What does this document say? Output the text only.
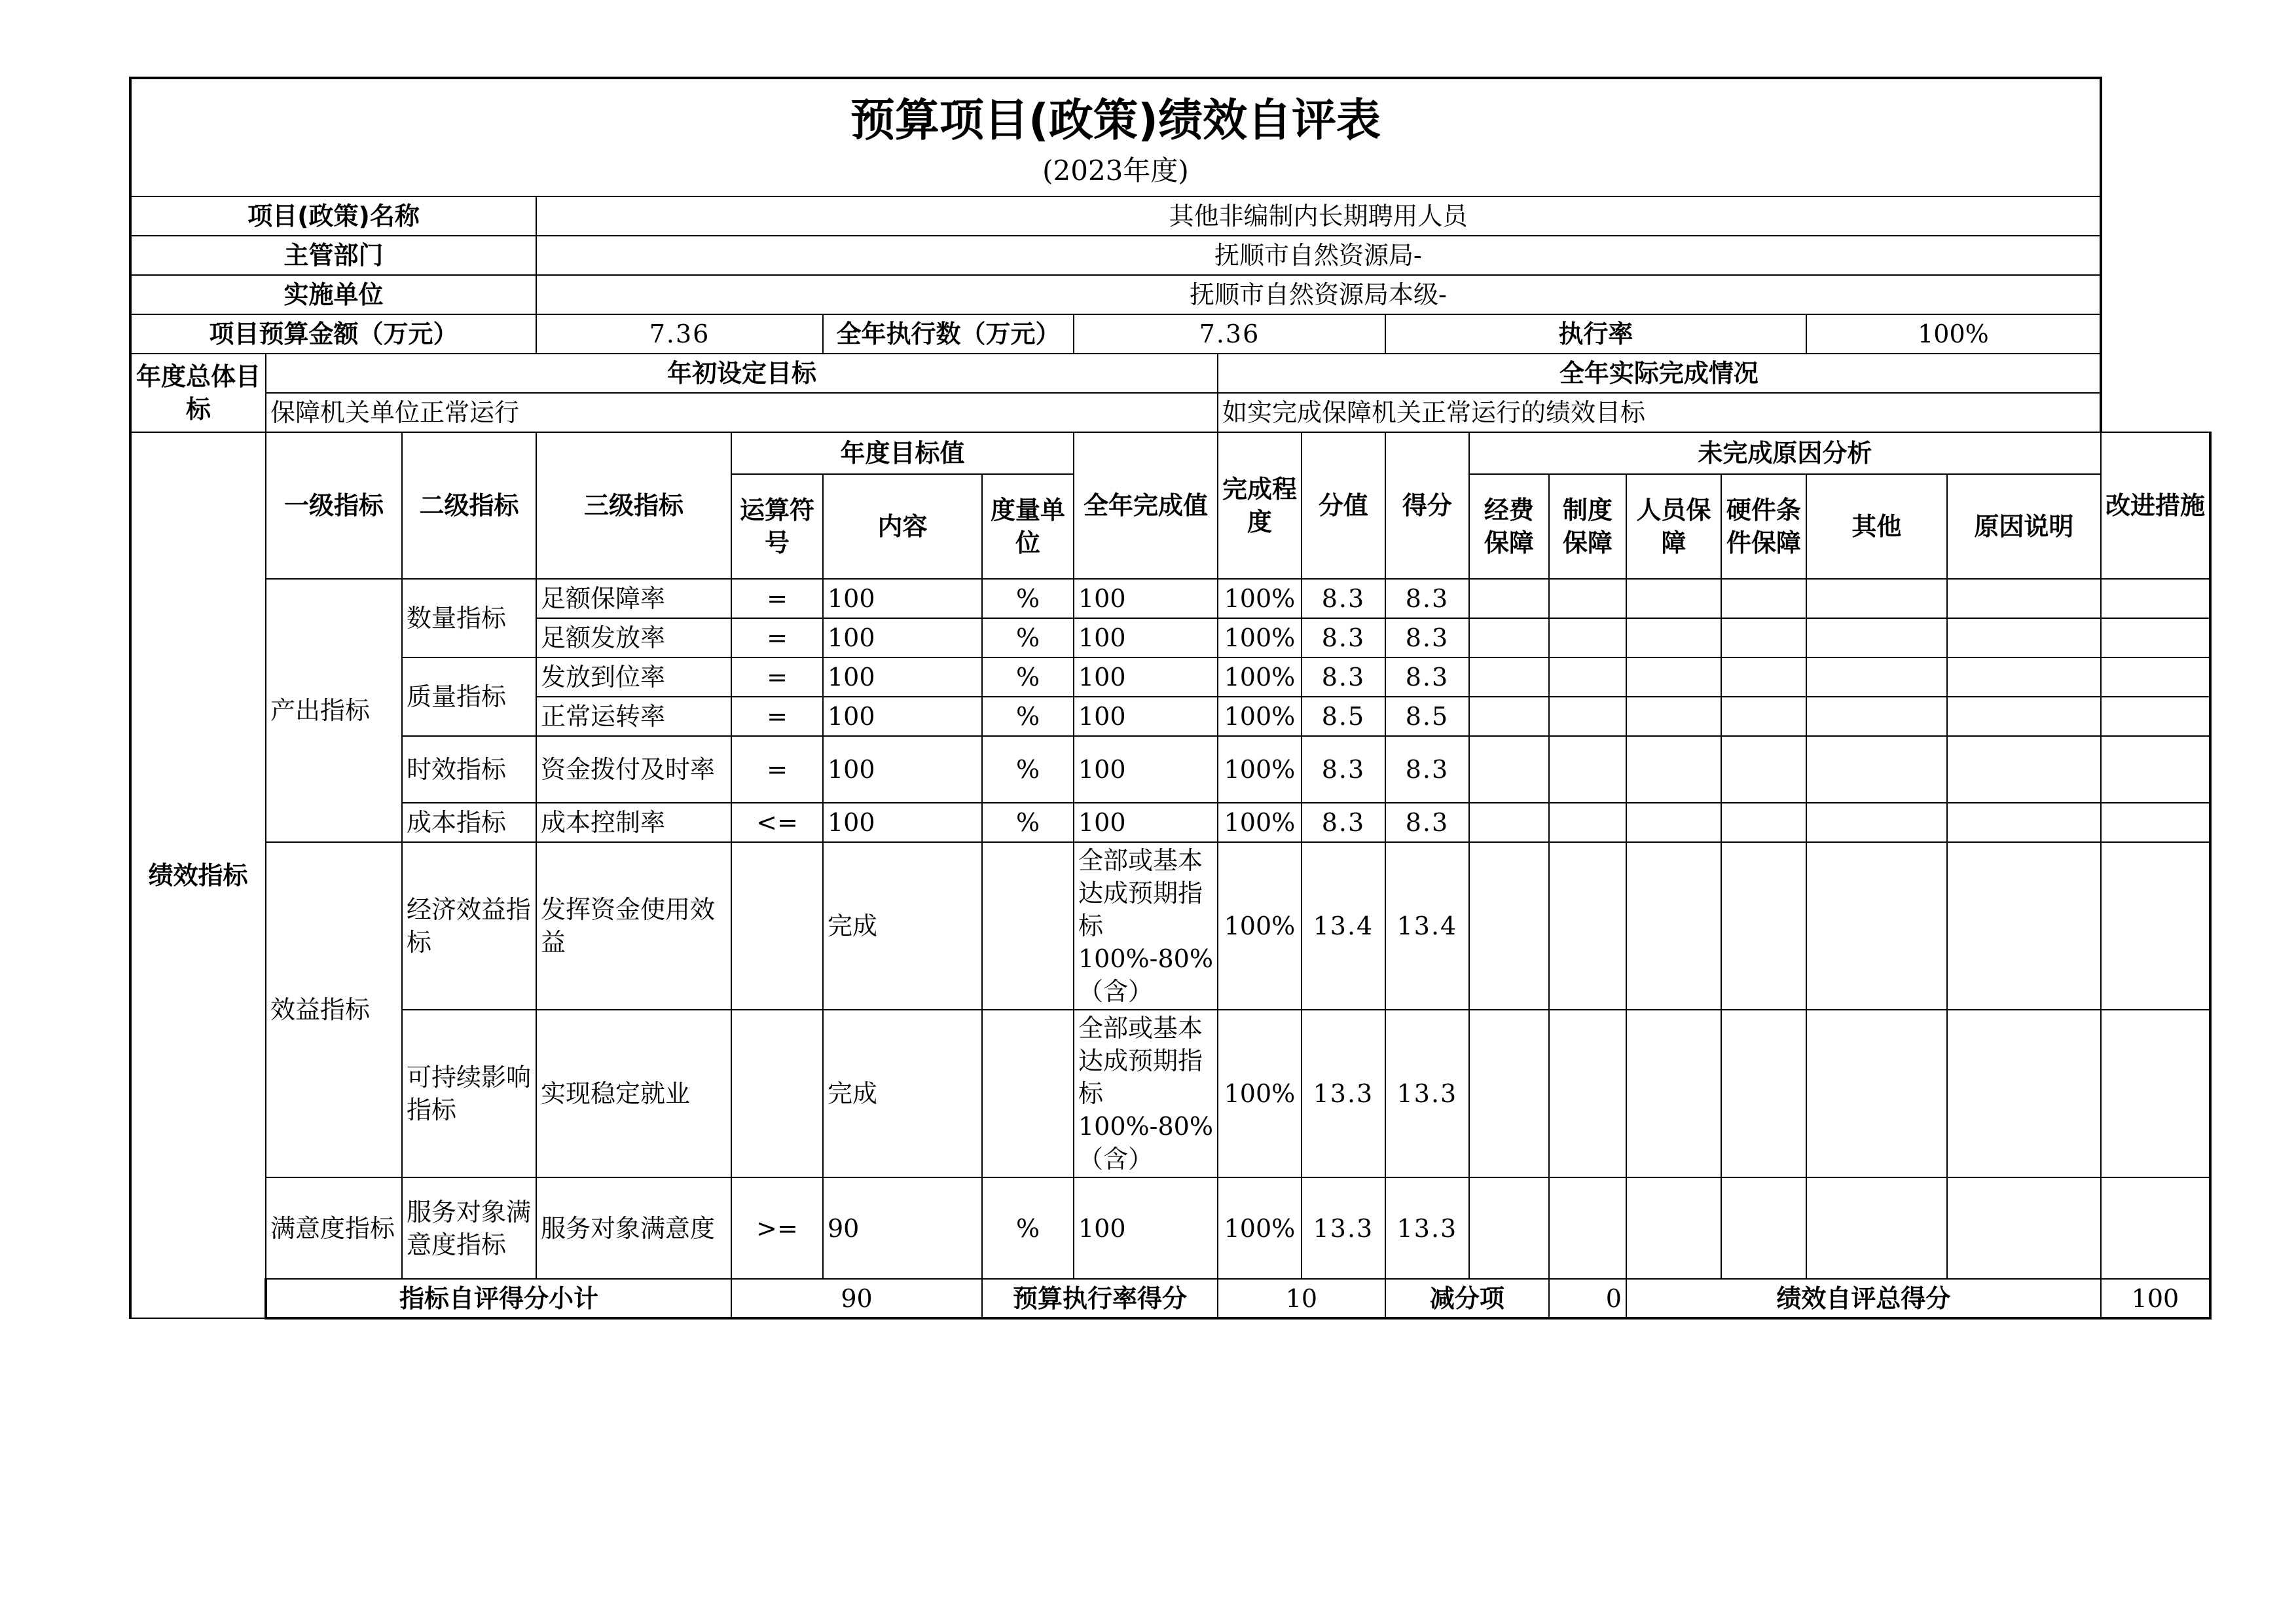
预算项目(政策)绩效自评表
(2023年度)																	

项目(政策)名称			其他非编制内长期聘用人员														
主管部门			抚顺市自然资源局-														
实施单位			抚顺市自然资源局本级-														
项目预算金额（万元）			7.36		全年执行数（万元）		7.36			执行率					100%		
年度总体目标	年初设定目标							全年实际完成情况									
	保障机关单位正常运行							如实完成保障机关正常运行的绩效目标									
绩效指标	一级指标	二级指标	三级指标	年度目标值			全年完成值	完成程度	分值	得分	未完成原因分析						改进措施
				运算符号	内容	度量单位					经费保障	制度保障	人员保障	硬件条件保障	其他	原因说明	
	产出指标	数量指标	足额保障率	=	100	%	100	100%	8.3	8.3							
			足额发放率	=	100	%	100	100%	8.3	8.3							
		质量指标	发放到位率	=	100	%	100	100%	8.3	8.3							
			正常运转率	=	100	%	100	100%	8.5	8.5							
		时效指标	资金拨付及时率	=	100	%	100	100%	8.3	8.3							
		成本指标	成本控制率	<=	100	%	100	100%	8.3	8.3							
	效益指标	经济效益指标	发挥资金使用效益		完成		全部或基本达成预期指标100%-80%（含）	100%	13.4	13.4							
		可持续影响指标	实现稳定就业		完成		全部或基本达成预期指标100%-80%（含）	100%	13.3	13.3							
	满意度指标	服务对象满意度指标	服务对象满意度	>=	90	%	100	100%	13.3	13.3							
	指标自评得分小计			90		预算执行率得分		10		减分项		0	绩效自评总得分				100
